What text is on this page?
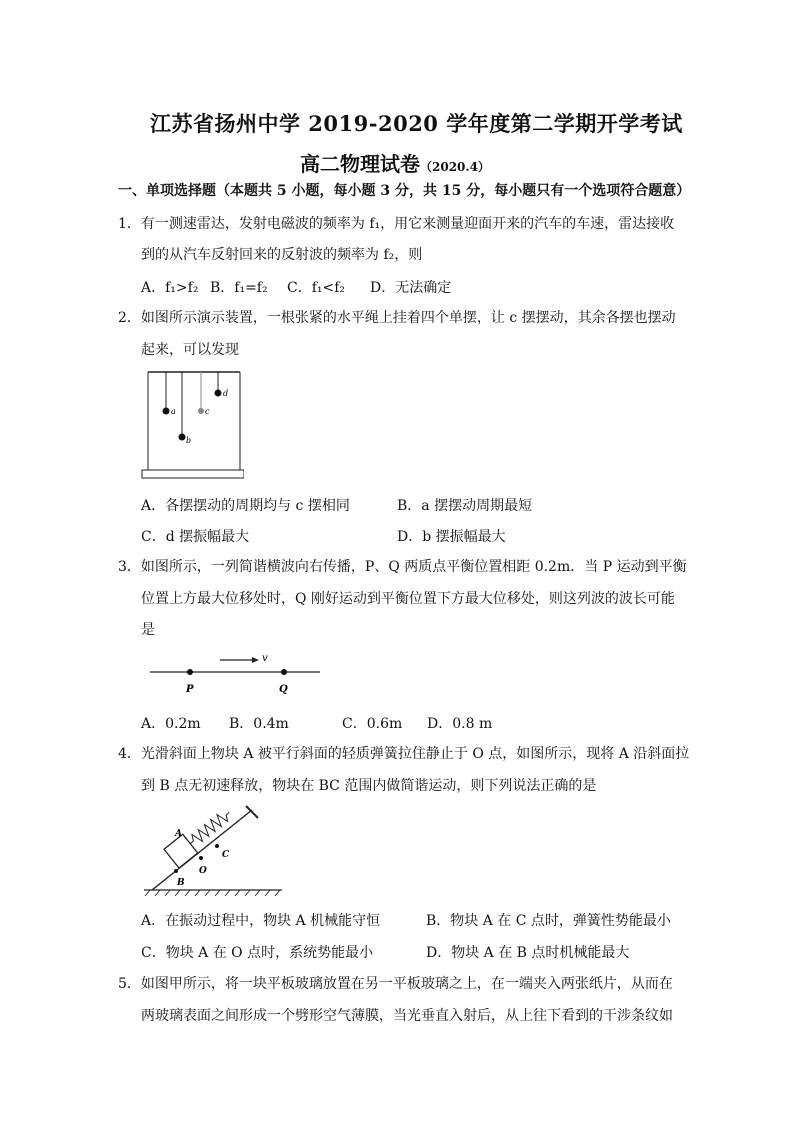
江苏省扬州中学 2019-2020 学年度第二学期开学考试
高二物理试卷（2020.4）
一、单项选择题（本题共 5 小题，每小题 3 分，共 15 分，每小题只有一个选项符合题意）
1．有一测速雷达，发射电磁波的频率为 f₁，用它来测量迎面开来的汽车的车速，雷达接收
到的从汽车反射回来的反射波的频率为 f₂，则
A．f₁>f₂ B．f₁=f₂ C．f₁<f₂ D．无法确定
2．如图所示演示装置，一根张紧的水平绳上挂着四个单摆，让 c 摆摆动，其余各摆也摆动
起来，可以发现
a	c
d
b
A．各摆摆动的周期均与 c 摆相同	B．a 摆摆动周期最短
C．d 摆振幅最大	D．b 摆振幅最大
3．如图所示，一列简谐横波向右传播，P、Q 两质点平衡位置相距 0.2m．当 P 运动到平衡
位置上方最大位移处时，Q 刚好运动到平衡位置下方最大位移处，则这列波的波长可能
是
v
P	Q
A．0.2m B．0.4m	C．0.6m D．0.8 m
4．光滑斜面上物块 A 被平行斜面的轻质弹簧拉住静止于 O 点，如图所示，现将 A 沿斜面拉
到 B 点无初速释放，物块在 BC 范围内做简谐运动，则下列说法正确的是
A
C
O
B
A．在振动过程中，物块 A 机械能守恒	B．物块 A 在 C 点时，弹簧性势能最小
C．物块 A 在 O 点时，系统势能最小	D．物块 A 在 B 点时机械能最大
5．如图甲所示，将一块平板玻璃放置在另一平板玻璃之上，在一端夹入两张纸片，从而在
两玻璃表面之间形成一个劈形空气薄膜，当光垂直入射后，从上往下看到的干涉条纹如
